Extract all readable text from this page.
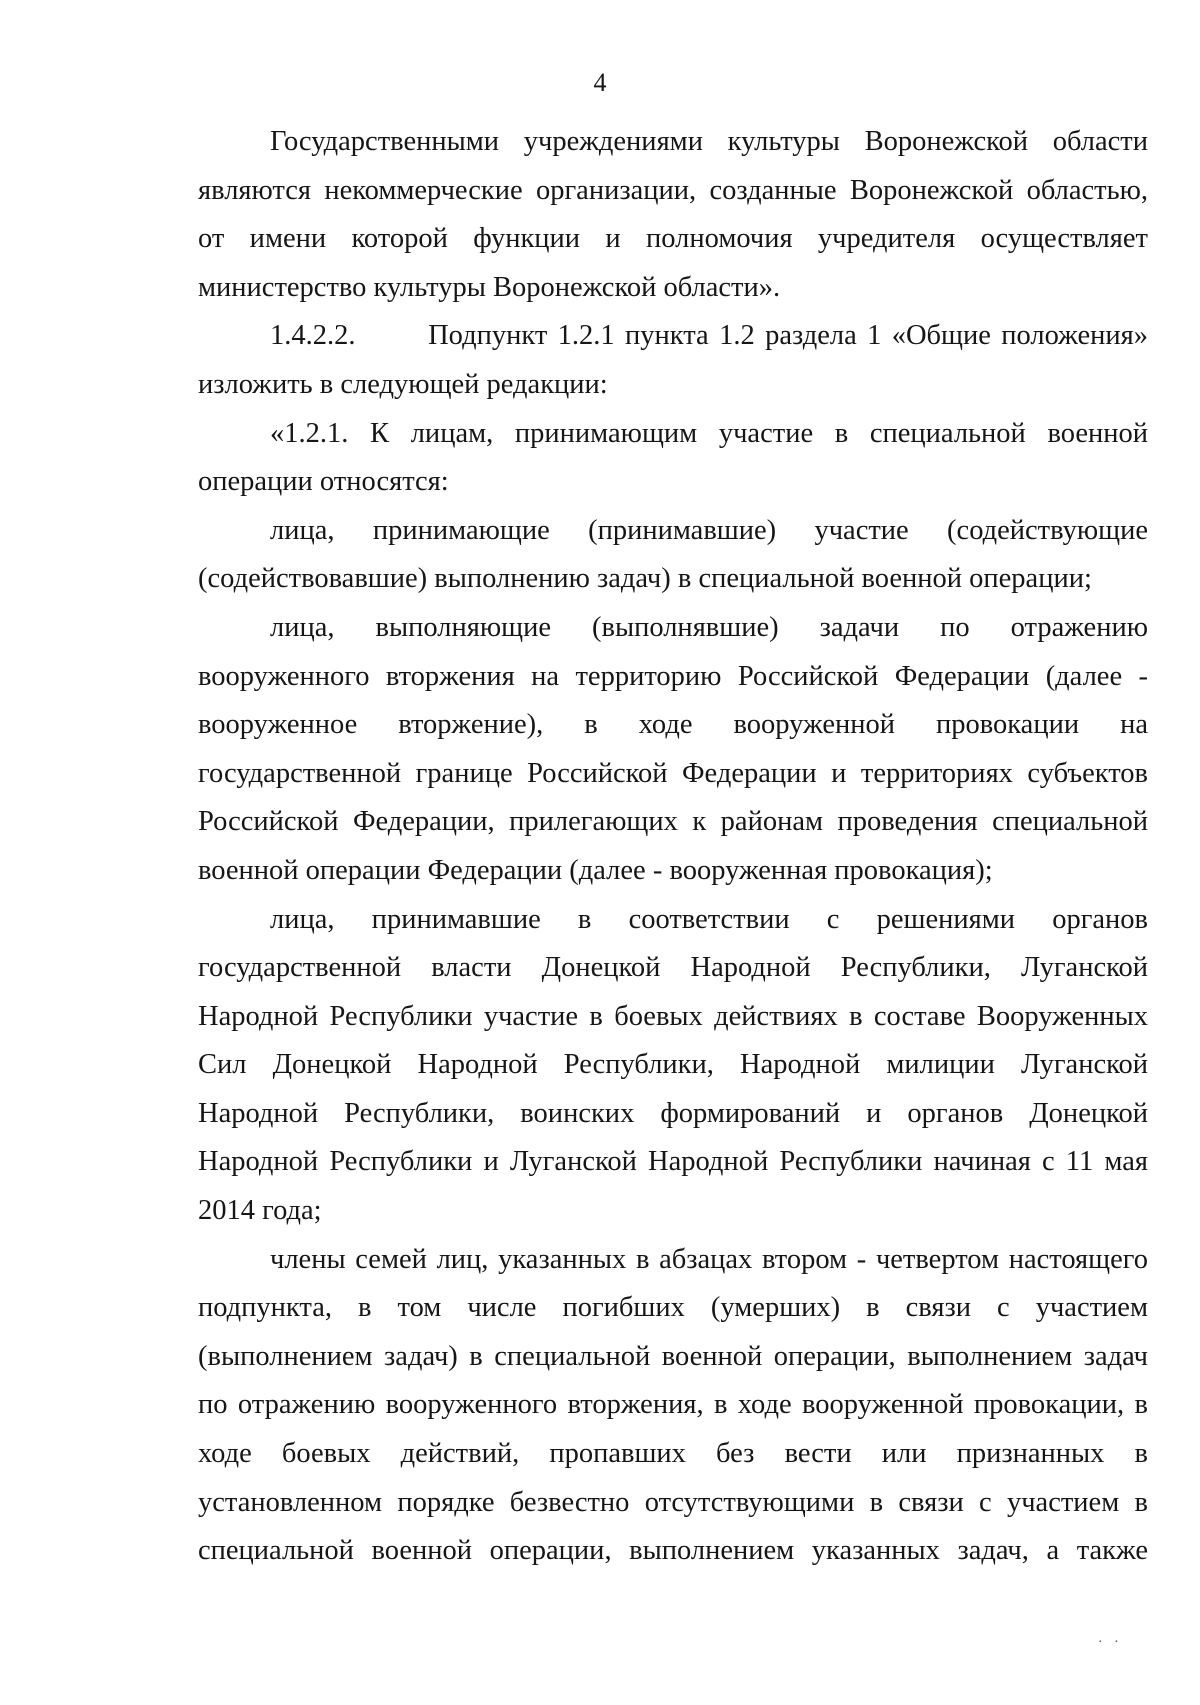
4

Государственными учреждениями культуры Воронежской области являются некоммерческие организации, созданные Воронежской областью, от имени которой функции и полномочия учредителя осуществляет министерство культуры Воронежской области».

1.4.2.2.       Подпункт 1.2.1 пункта 1.2 раздела 1 «Общие положения» изложить в следующей редакции:

«1.2.1. К лицам, принимающим участие в специальной военной операции относятся:

лица, принимающие (принимавшие) участие (содействующие (содействовавшие) выполнению задач) в специальной военной операции;

лица, выполняющие (выполнявшие) задачи по отражению вооруженного вторжения на территорию Российской Федерации (далее - вооруженное вторжение), в ходе вооруженной провокации на государственной границе Российской Федерации и территориях субъектов Российской Федерации, прилегающих к районам проведения специальной военной операции Федерации (далее - вооруженная провокация);

лица, принимавшие в соответствии с решениями органов государственной власти Донецкой Народной Республики, Луганской Народной Республики участие в боевых действиях в составе Вооруженных Сил Донецкой Народной Республики, Народной милиции Луганской Народной Республики, воинских формирований и органов Донецкой Народной Республики и Луганской Народной Республики начиная с 11 мая 2014 года;

члены семей лиц, указанных в абзацах втором - четвертом настоящего подпункта, в том числе погибших (умерших) в связи с участием (выполнением задач) в специальной военной операции, выполнением задач по отражению вооруженного вторжения, в ходе вооруженной провокации, в ходе боевых действий, пропавших без вести или признанных в установленном порядке безвестно отсутствующими в связи с участием в специальной военной операции, выполнением указанных задач, а также

· ·
